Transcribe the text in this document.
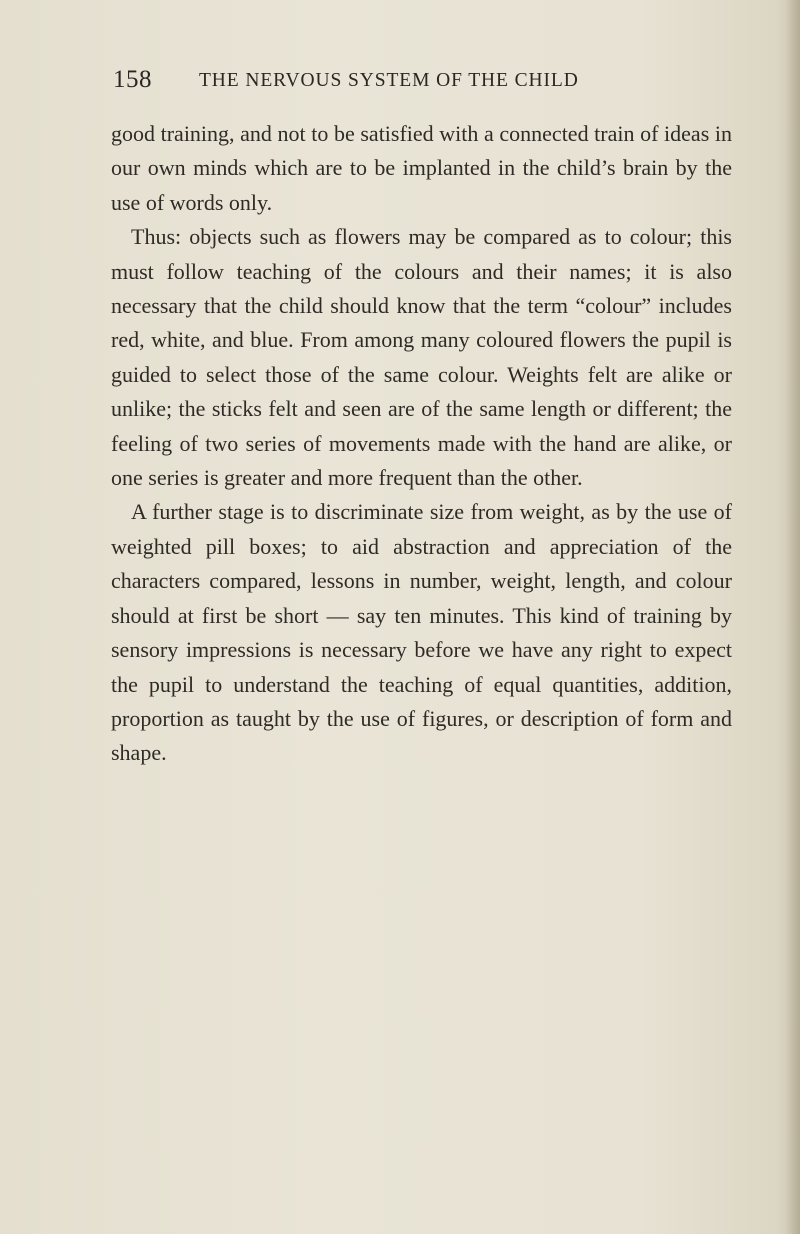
158 THE NERVOUS SYSTEM OF THE CHILD

good training, and not to be satisfied with a connected train of ideas in our own minds which are to be implanted in the child’s brain by the use of words only.

Thus: objects such as flowers may be compared as to colour; this must follow teaching of the colours and their names; it is also necessary that the child should know that the term “colour” includes red, white, and blue. From among many coloured flowers the pupil is guided to select those of the same colour. Weights felt are alike or unlike; the sticks felt and seen are of the same length or different; the feeling of two series of movements made with the hand are alike, or one series is greater and more frequent than the other.

A further stage is to discriminate size from weight, as by the use of weighted pill boxes; to aid abstraction and appreciation of the characters compared, lessons in number, weight, length, and colour should at first be short — say ten minutes. This kind of training by sensory impressions is necessary before we have any right to expect the pupil to understand the teaching of equal quantities, addition, proportion as taught by the use of figures, or description of form and shape.
